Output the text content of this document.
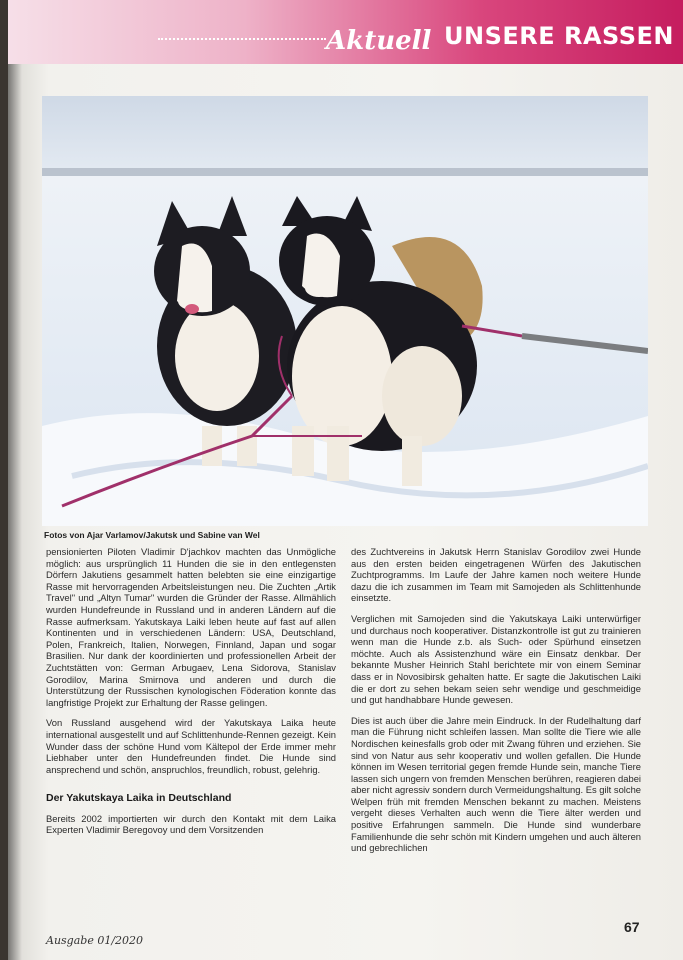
Aktuell UNSERE RASSEN
Fotos von Ajar Varlamov/Jakutsk und Sabine van Wel

pensionierten Piloten Vladimir D'jachkov machten das Unmögliche möglich: aus ursprünglich 11 Hunden die sie in den entlegensten Dörfern Jakutiens gesammelt hatten belebten sie eine einzigartige Rasse mit hervorragenden Arbeitsleistungen neu. Die Zuchten „Artik Travel" und „Altyn Tumar" wurden die Gründer der Rasse. Allmählich wurden Hundefreunde in Russland und in anderen Ländern auf die Rasse aufmerksam. Yakutskaya Laiki leben heute auf fast auf allen Kontinenten und in verschiedenen Ländern: USA, Deutschland, Polen, Frankreich, Italien, Norwegen, Finnland, Japan und sogar Brasilien. Nur dank der koordinierten und professionellen Arbeit der Zuchtstätten von: German Arbugaev, Lena Sidorova, Stanislav Gorodilov, Marina Smirnova und anderen und durch die Unterstützung der Russischen kynologischen Föderation konnte das langfristige Projekt zur Erhaltung der Rasse gelingen.

Von Russland ausgehend wird der Yakutskaya Laika heute international ausgestellt und auf Schlittenhunde-Rennen gezeigt. Kein Wunder dass der schöne Hund vom Kältepol der Erde immer mehr Liebhaber unter den Hundefreunden findet. Die Hunde sind ansprechend und schön, anspruchlos, freundlich, robust, gelehrig.

Der Yakutskaya Laika in Deutschland

Bereits 2002 importierten wir durch den Kontakt mit dem Laika Experten Vladimir Beregovoy und dem Vorsitzenden

des Zuchtvereins in Jakutsk Herrn Stanislav Gorodilov zwei Hunde aus den ersten beiden eingetragenen Würfen des Jakutischen Zuchtprogramms. Im Laufe der Jahre kamen noch weitere Hunde dazu die ich zusammen im Team mit Samojeden als Schlittenhunde einsetzte.

Verglichen mit Samojeden sind die Yakutskaya Laiki unterwürfiger und durchaus noch kooperativer. Distanzkontrolle ist gut zu trainieren wenn man die Hunde z.b. als Such- oder Spürhund einsetzen möchte. Auch als Assistenzhund wäre ein Einsatz denkbar. Der bekannte Musher Heinrich Stahl berichtete mir von einem Seminar dass er in Novosibirsk gehalten hatte. Er sagte die Jakutischen Laiki die er dort zu sehen bekam seien sehr wendige und geschmeidige und gut handhabbare Hunde gewesen.

Dies ist auch über die Jahre mein Eindruck. In der Rudelhaltung darf man die Führung nicht schleifen lassen. Man sollte die Tiere wie alle Nordischen keinesfalls grob oder mit Zwang führen und erziehen. Sie sind von Natur aus sehr kooperativ und wollen gefallen. Die Hunde können im Wesen territorial gegen fremde Hunde sein, manche Tiere lassen sich ungern von fremden Menschen berühren, reagieren dabei aber nicht agressiv sondern durch Vermeidungshaltung. Es gilt solche Welpen früh mit fremden Menschen bekannt zu machen. Meistens vergeht dieses Verhalten auch wenn die Tiere älter werden und positive Erfahrungen sammeln. Die Hunde sind wunderbare Familienhunde die sehr schön mit Kindern umgehen und auch älteren und gebrechlichen

Ausgabe 01/2020
67
